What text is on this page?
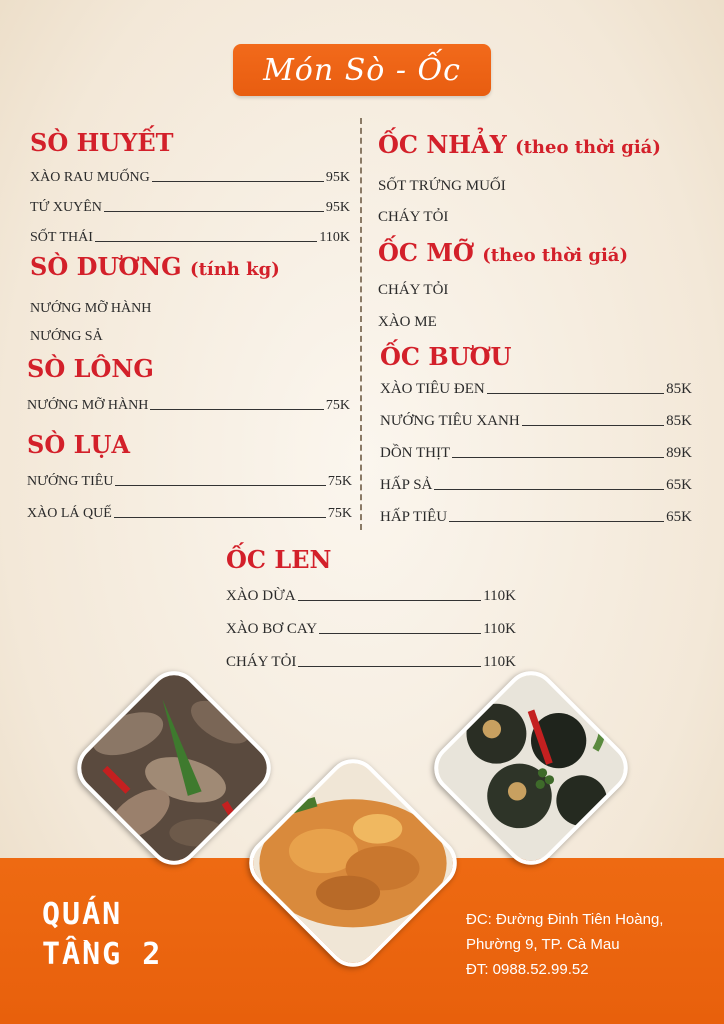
Món Sò - Ốc
SÒ HUYẾT
XÀO RAU MUỐNG	95K
TỨ XUYÊN	95K
SỐT THÁI	110K
SÒ DƯƠNG (tính kg)
NƯỚNG MỠ HÀNH
NƯỚNG SẢ
SÒ LÔNG
NƯỚNG MỠ HÀNH	75K
SÒ LỤA
NƯỚNG TIÊU	75K
XÀO LÁ QUẾ	75K
ỐC NHẢY (theo thời giá)
SỐT TRỨNG MUỐI
CHÁY TỎI
ỐC MỠ (theo thời giá)
CHÁY TỎI
XÀO ME
ỐC BƯƠU
XÀO TIÊU ĐEN	85K
NƯỚNG TIÊU XANH	85K
DỒN THỊT	89K
HẤP SẢ	65K
HẤP TIÊU	65K
ỐC LEN
XÀO DỪA	110K
XÀO BƠ CAY	110K
CHÁY TỎI	110K
QUÁN
TẦNG 2
ĐC: Đường Đinh Tiên Hoàng,
Phường 9, TP. Cà Mau
ĐT: 0988.52.99.52
